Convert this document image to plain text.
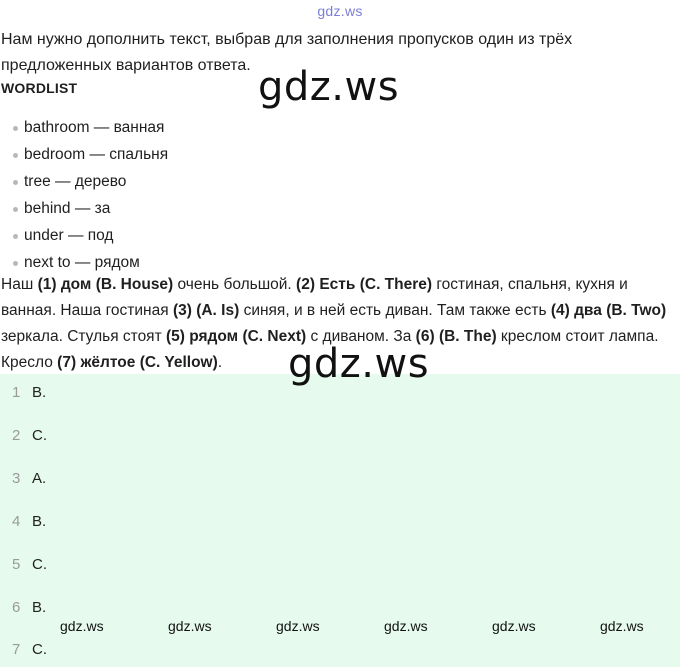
gdz.ws
Нам нужно дополнить текст, выбрав для заполнения пропусков один из трёх предложенных вариантов ответа.
WORDLIST
bathroom — ванная
bedroom — спальня
tree — дерево
behind — за
under — под
next to — рядом
Наш (1) дом (B. House) очень большой. (2) Есть (C. There) гостиная, спальня, кухня и ванная. Наша гостиная (3) (A. Is) синяя, и в ней есть диван. Там также есть (4) два (B. Two) зеркала. Стулья стоят (5) рядом (C. Next) с диваном. За (6) (B. The) креслом стоит лампа. Кресло (7) жёлтое (C. Yellow).
1 B.
2 C.
3 A.
4 B.
5 C.
6 B.
7 C.
gdz.ws
gdz.ws
gdz.ws	gdz.ws	gdz.ws	gdz.ws	gdz.ws	gdz.ws
